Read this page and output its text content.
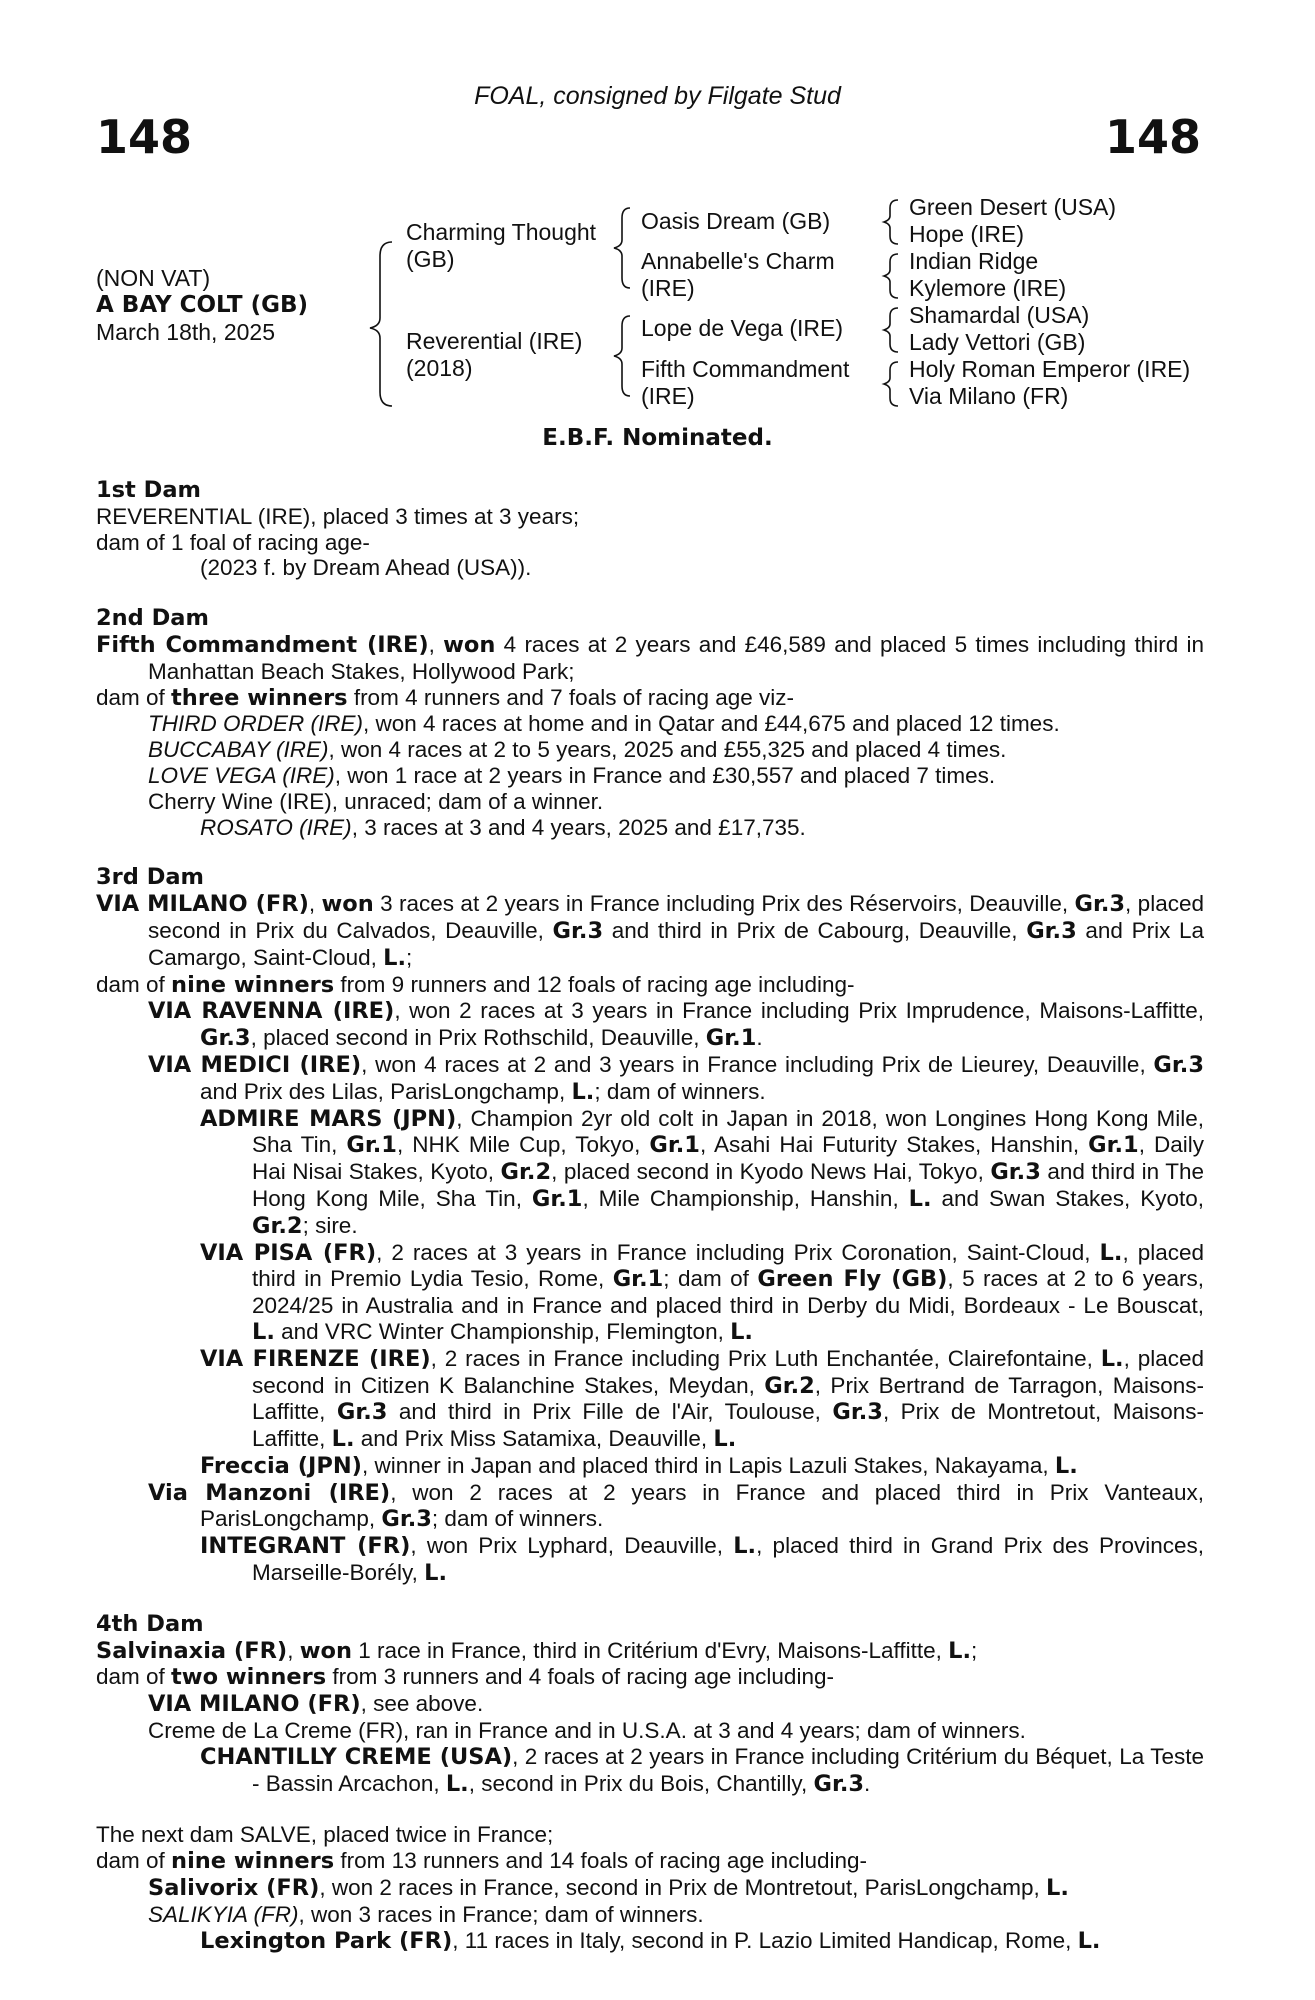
FOAL, consigned by Filgate Stud
148	148
(NON VAT)
A BAY COLT (GB)
March 18th, 2025
Charming Thought
(GB)
Reverential (IRE)
(2018)
Oasis Dream (GB)
Annabelle's Charm
(IRE)
Lope de Vega (IRE)
Fifth Commandment
(IRE)
Green Desert (USA)
Hope (IRE)
Indian Ridge
Kylemore (IRE)
Shamardal (USA)
Lady Vettori (GB)
Holy Roman Emperor (IRE)
Via Milano (FR)
E.B.F. Nominated.

1st Dam

REVERENTIAL (IRE), placed 3 times at 3 years;

dam of 1 foal of racing age-

(2023 f. by Dream Ahead (USA)).

2nd Dam

Fifth Commandment (IRE), won 4 races at 2 years and £46,589 and placed 5 times including third in Manhattan Beach Stakes, Hollywood Park;

dam of three winners from 4 runners and 7 foals of racing age viz-

THIRD ORDER (IRE), won 4 races at home and in Qatar and £44,675 and placed 12 times.

BUCCABAY (IRE), won 4 races at 2 to 5 years, 2025 and £55,325 and placed 4 times.

LOVE VEGA (IRE), won 1 race at 2 years in France and £30,557 and placed 7 times.

Cherry Wine (IRE), unraced; dam of a winner.

ROSATO (IRE), 3 races at 3 and 4 years, 2025 and £17,735.

3rd Dam

VIA MILANO (FR), won 3 races at 2 years in France including Prix des Réservoirs, Deauville, Gr.3, placed second in Prix du Calvados, Deauville, Gr.3 and third in Prix de Cabourg, Deauville, Gr.3 and Prix La Camargo, Saint-Cloud, L.;

dam of nine winners from 9 runners and 12 foals of racing age including-

VIA RAVENNA (IRE), won 2 races at 3 years in France including Prix Imprudence, Maisons-Laffitte, Gr.3, placed second in Prix Rothschild, Deauville, Gr.1.

VIA MEDICI (IRE), won 4 races at 2 and 3 years in France including Prix de Lieurey, Deauville, Gr.3 and Prix des Lilas, ParisLongchamp, L.; dam of winners.

ADMIRE MARS (JPN), Champion 2yr old colt in Japan in 2018, won Longines Hong Kong Mile, Sha Tin, Gr.1, NHK Mile Cup, Tokyo, Gr.1, Asahi Hai Futurity Stakes, Hanshin, Gr.1, Daily Hai Nisai Stakes, Kyoto, Gr.2, placed second in Kyodo News Hai, Tokyo, Gr.3 and third in The Hong Kong Mile, Sha Tin, Gr.1, Mile Championship, Hanshin, L. and Swan Stakes, Kyoto, Gr.2; sire.

VIA PISA (FR), 2 races at 3 years in France including Prix Coronation, Saint-Cloud, L., placed third in Premio Lydia Tesio, Rome, Gr.1; dam of Green Fly (GB), 5 races at 2 to 6 years, 2024/25 in Australia and in France and placed third in Derby du Midi, Bordeaux - Le Bouscat, L. and VRC Winter Championship, Flemington, L.

VIA FIRENZE (IRE), 2 races in France including Prix Luth Enchantée, Clairefontaine, L., placed second in Citizen K Balanchine Stakes, Meydan, Gr.2, Prix Bertrand de Tarragon, Maisons-Laffitte, Gr.3 and third in Prix Fille de l'Air, Toulouse, Gr.3, Prix de Montretout, Maisons-Laffitte, L. and Prix Miss Satamixa, Deauville, L.

Freccia (JPN), winner in Japan and placed third in Lapis Lazuli Stakes, Nakayama, L.

Via Manzoni (IRE), won 2 races at 2 years in France and placed third in Prix Vanteaux, ParisLongchamp, Gr.3; dam of winners.

INTEGRANT (FR), won Prix Lyphard, Deauville, L., placed third in Grand Prix des Provinces, Marseille-Borély, L.

4th Dam

Salvinaxia (FR), won 1 race in France, third in Critérium d'Evry, Maisons-Laffitte, L.;

dam of two winners from 3 runners and 4 foals of racing age including-

VIA MILANO (FR), see above.

Creme de La Creme (FR), ran in France and in U.S.A. at 3 and 4 years; dam of winners.

CHANTILLY CREME (USA), 2 races at 2 years in France including Critérium du Béquet, La Teste - Bassin Arcachon, L., second in Prix du Bois, Chantilly, Gr.3.

The next dam SALVE, placed twice in France;

dam of nine winners from 13 runners and 14 foals of racing age including-

Salivorix (FR), won 2 races in France, second in Prix de Montretout, ParisLongchamp, L.

SALIKYIA (FR), won 3 races in France; dam of winners.

Lexington Park (FR), 11 races in Italy, second in P. Lazio Limited Handicap, Rome, L.
